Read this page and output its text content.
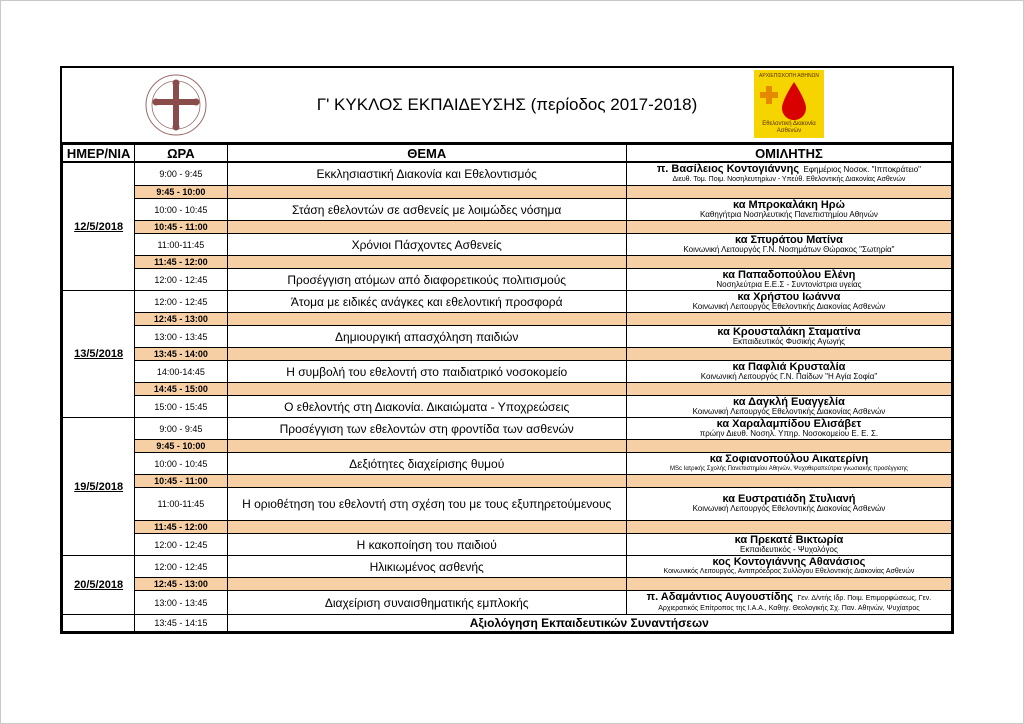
Γ' ΚΥΚΛΟΣ ΕΚΠΑΙΔΕΥΣΗΣ (περίοδος 2017-2018)
ΑΡΧΙΕΠΙΣΚΟΠΗ ΑΘΗΝΩΝ
Εθελοντική Διακονία Ασθενών
ΗΜΕΡ/ΝΙΑ	ΩΡΑ	ΘΕΜΑ	ΟΜΙΛΗΤΗΣ
12/5/2018	9:00 - 9:45	Εκκλησιαστική Διακονία και Εθελοντισμός	π. Βασίλειος Κοντογιάννης Εφημέριος Νοσοκ. "Ιπποκράτειο"
Διευθ. Τομ. Ποιμ. Νοσηλευτηρίων - Υπεύθ. Εθελοντικής Διακονίας Ασθενών

	9:45 - 10:00		
	10:00 - 10:45	Στάση εθελοντών σε ασθενείς με λοιμώδες νόσημα	κα Μπροκαλάκη Ηρώ
Καθηγήτρια Νοσηλευτικής Πανεπιστημίου Αθηνών

	10:45 - 11:00		
	11:00-11:45	Χρόνιοι Πάσχοντες Ασθενείς	κα Σπυράτου Ματίνα
Κοινωνική Λειτουργός Γ.Ν. Νοσημάτων Θώρακος "Σωτηρία"

	11:45 - 12:00		
	12:00 - 12:45	Προσέγγιση ατόμων από διαφορετικούς πολιτισμούς	κα Παπαδοπούλου Ελένη
Νοσηλεύτρια Ε.Ε.Σ - Συντονίστρια υγείας

13/5/2018	12:00 - 12:45	Άτομα με ειδικές ανάγκες και εθελοντική προσφορά	κα Χρήστου Ιωάννα
Κοινωνική Λειτουργός Εθελοντικής Διακονίας Ασθενών

	12:45 - 13:00		
	13:00 - 13:45	Δημιουργική απασχόληση παιδιών	κα Κρουσταλάκη Σταματίνα
Εκπαιδευτικός Φυσικής Αγωγής

	13:45 - 14:00		
	14:00-14:45	Η συμβολή του εθελοντή στο παιδιατρικό νοσοκομείο	κα Παφλιά Κρυσταλία
Κοινωνική Λειτουργός Γ.Ν. Παίδων "Η Αγία Σοφία"

	14:45 - 15:00		
	15:00 - 15:45	Ο εθελοντής στη Διακονία. Δικαιώματα - Υποχρεώσεις	κα Δαγκλή Ευαγγελία
Κοινωνική Λειτουργός Εθελοντικής Διακονίας Ασθενών

19/5/2018	9:00 - 9:45	Προσέγγιση των εθελοντών στη φροντίδα των ασθενών	κα Χαραλαμπίδου Ελισάβετ
πρώην Διευθ. Νοσηλ. Υπηρ. Νοσοκομείου Ε. Ε. Σ.

	9:45 - 10:00		
	10:00 - 10:45	Δεξιότητες διαχείρισης θυμού	κα Σοφιανοπούλου Αικατερίνη
MSc Ιατρικής Σχολής Πανεπιστημίου Αθηνών, Ψυχοθεραπεύτρια γνωσιακής προσέγγισης

	10:45 - 11:00		
	11:00-11:45	Η οριοθέτηση του εθελοντή στη σχέση του με τους εξυπηρετούμενους	κα Ευστρατιάδη Στυλιανή
Κοινωνική Λειτουργός Εθελοντικής Διακονίας Ασθενών

	11:45 - 12:00		
	12:00 - 12:45	Η κακοποίηση του παιδιού	κα Πρεκατέ Βικτωρία
Εκπαιδευτικός - Ψυχολόγος

20/5/2018	12:00 - 12:45	Ηλικιωμένος ασθενής	κος Κοντογιάννης Αθανάσιος
Κοινωνικός Λειτουργός, Αντιπρόεδρος Συλλόγου Εθελοντικής Διακονίας Ασθενών

	12:45 - 13:00		
	13:00 - 13:45	Διαχείριση συναισθηματικής εμπλοκής	π. Αδαμάντιος Αυγουστίδης Γεν. Δ/ντής Ιδρ. Ποιμ. Επιμορφώσεως, Γεν.
Αρχιερατικός Επίτροπος της Ι.Α.Α., Καθηγ. Θεολογικής Σχ. Παν. Αθηνών, Ψυχίατρος

	13:45 - 14:15	Αξιολόγηση Εκπαιδευτικών Συναντήσεων	
